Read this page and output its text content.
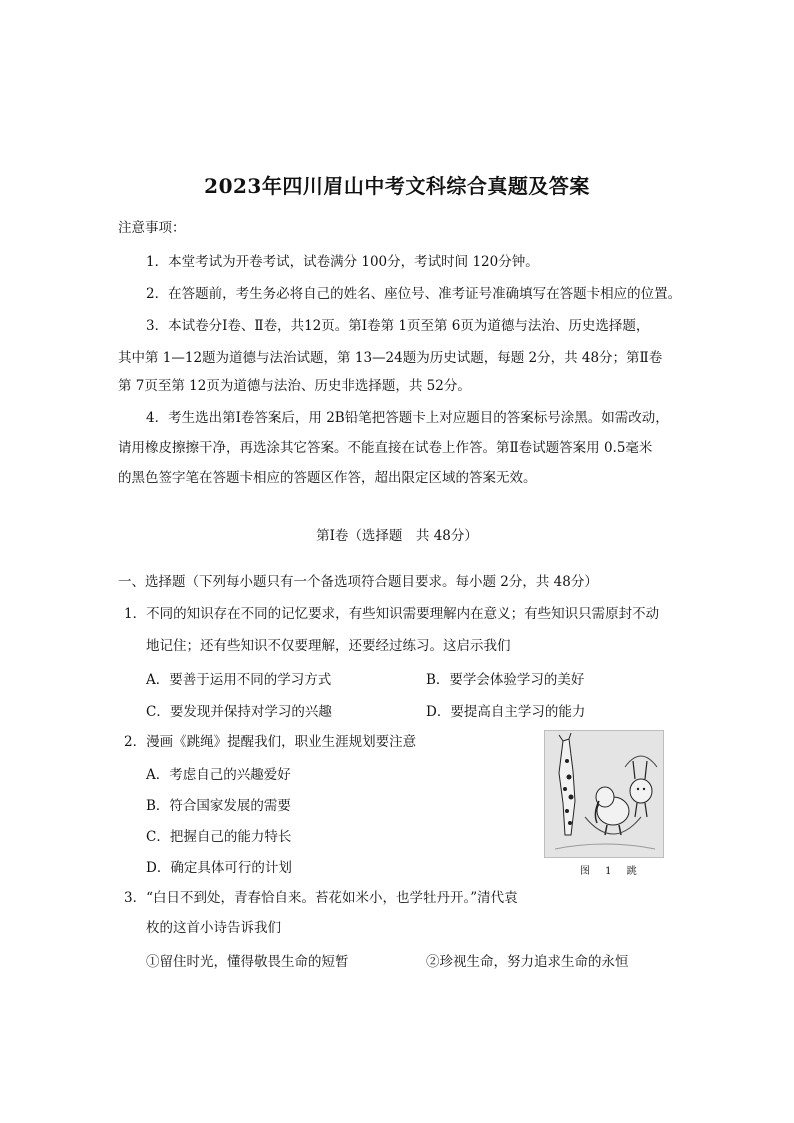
2023年四川眉山中考文科综合真题及答案
注意事项：
1．本堂考试为开卷考试，试卷满分 100分，考试时间 120分钟。
2．在答题前，考生务必将自己的姓名、座位号、准考证号准确填写在答题卡相应的位置。
3．本试卷分Ⅰ卷、Ⅱ卷，共12页。第Ⅰ卷第 1页至第 6页为道德与法治、历史选择题，
其中第 1—12题为道德与法治试题，第 13—24题为历史试题，每题 2分，共 48分；第Ⅱ卷
第 7页至第 12页为道德与法治、历史非选择题，共 52分。
4．考生选出第Ⅰ卷答案后，用 2B铅笔把答题卡上对应题目的答案标号涂黑。如需改动，
请用橡皮擦擦干净，再选涂其它答案。不能直接在试卷上作答。第Ⅱ卷试题答案用 0.5毫米
的黑色签字笔在答题卡相应的答题区作答，超出限定区域的答案无效。
第Ⅰ卷（选择题　共 48分）
一、选择题（下列每小题只有一个备选项符合题目要求。每小题 2分，共 48分）
1．不同的知识存在不同的记忆要求，有些知识需要理解内在意义；有些知识只需原封不动
地记住；还有些知识不仅要理解，还要经过练习。这启示我们
A．要善于运用不同的学习方式	B．要学会体验学习的美好
C．要发现并保持对学习的兴趣	D．要提高自主学习的能力
2．漫画《跳绳》提醒我们，职业生涯规划要注意
A．考虑自己的兴趣爱好
B．符合国家发展的需要
C．把握自己的能力特长
D．确定具体可行的计划	图 1 跳
3．“白日不到处，青春恰自来。苔花如米小，也学牡丹开。”清代袁
枚的这首小诗告诉我们
①留住时光，懂得敬畏生命的短暂	②珍视生命，努力追求生命的永恒
